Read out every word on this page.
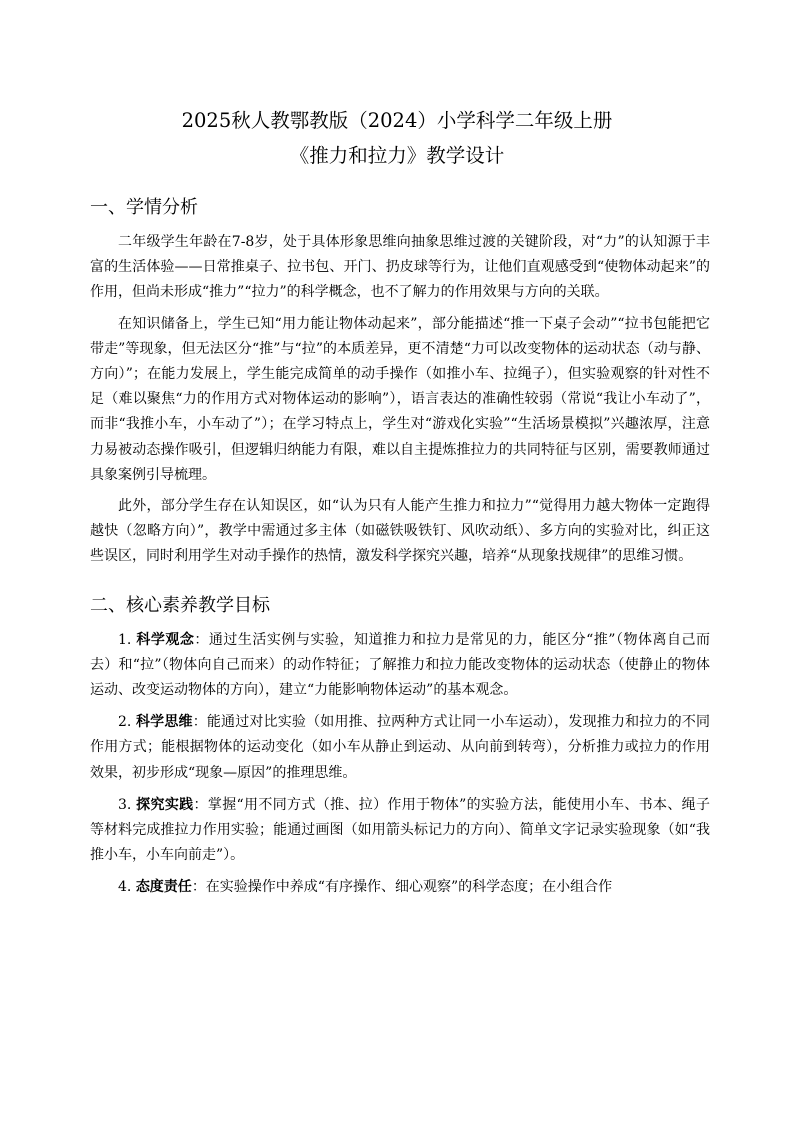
2025秋人教鄂教版（2024）小学科学二年级上册
《推力和拉力》教学设计
一、学情分析

二年级学生年龄在7-8岁，处于具体形象思维向抽象思维过渡的关键阶段，对“力”的认知源于丰富的生活体验——日常推桌子、拉书包、开门、扔皮球等行为，让他们直观感受到“使物体动起来”的作用，但尚未形成“推力”“拉力”的科学概念，也不了解力的作用效果与方向的关联。

在知识储备上，学生已知“用力能让物体动起来”，部分能描述“推一下桌子会动”“拉书包能把它带走”等现象，但无法区分“推”与“拉”的本质差异，更不清楚“力可以改变物体的运动状态（动与静、方向）”；在能力发展上，学生能完成简单的动手操作（如推小车、拉绳子），但实验观察的针对性不足（难以聚焦“力的作用方式对物体运动的影响”），语言表达的准确性较弱（常说“我让小车动了”，而非“我推小车，小车动了”）；在学习特点上，学生对“游戏化实验”“生活场景模拟”兴趣浓厚，注意力易被动态操作吸引，但逻辑归纳能力有限，难以自主提炼推拉力的共同特征与区别，需要教师通过具象案例引导梳理。

此外，部分学生存在认知误区，如“认为只有人能产生推力和拉力”“觉得用力越大物体一定跑得越快（忽略方向）”，教学中需通过多主体（如磁铁吸铁钉、风吹动纸）、多方向的实验对比，纠正这些误区，同时利用学生对动手操作的热情，激发科学探究兴趣，培养“从现象找规律”的思维习惯。

二、核心素养教学目标

1. 科学观念：通过生活实例与实验，知道推力和拉力是常见的力，能区分“推”（物体离自己而去）和“拉”（物体向自己而来）的动作特征；了解推力和拉力能改变物体的运动状态（使静止的物体运动、改变运动物体的方向），建立“力能影响物体运动”的基本观念。

2. 科学思维：能通过对比实验（如用推、拉两种方式让同一小车运动），发现推力和拉力的不同作用方式；能根据物体的运动变化（如小车从静止到运动、从向前到转弯），分析推力或拉力的作用效果，初步形成“现象—原因”的推理思维。

3. 探究实践：掌握“用不同方式（推、拉）作用于物体”的实验方法，能使用小车、书本、绳子等材料完成推拉力作用实验；能通过画图（如用箭头标记力的方向）、简单文字记录实验现象（如“我推小车，小车向前走”）。

4. 态度责任：在实验操作中养成“有序操作、细心观察”的科学态度；在小组合作
